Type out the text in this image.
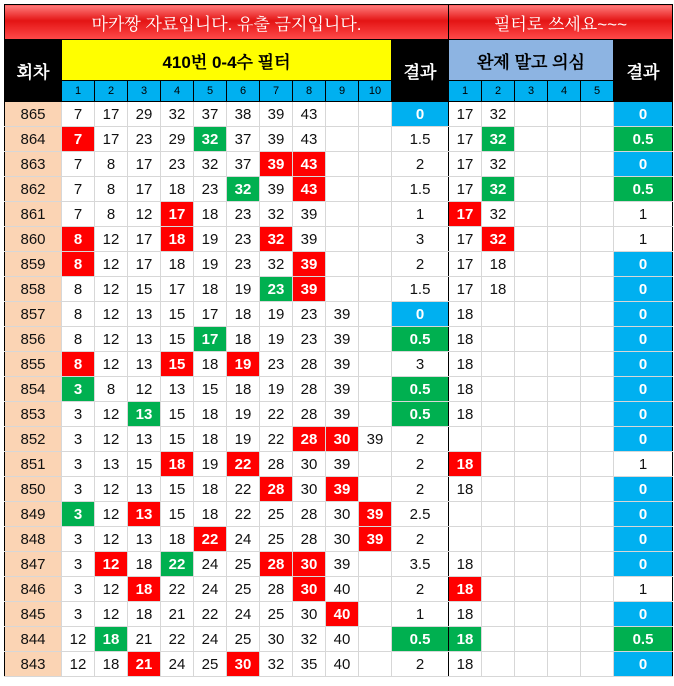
마카짱 자료입니다. 유출 금지입니다.												필터로 쓰세요~~~					
회차	410번 0-4수 필터										결과	완제 말고 의심					결과
	1	2	3	4	5	6	7	8	9	10		1	2	3	4	5	
865	7	17	29	32	37	38	39	43			0	17	32				0
864	7	17	23	29	32	37	39	43			1.5	17	32				0.5
863	7	8	17	23	32	37	39	43			2	17	32				0
862	7	8	17	18	23	32	39	43			1.5	17	32				0.5
861	7	8	12	17	18	23	32	39			1	17	32				1
860	8	12	17	18	19	23	32	39			3	17	32				1
859	8	12	17	18	19	23	32	39			2	17	18				0
858	8	12	15	17	18	19	23	39			1.5	17	18				0
857	8	12	13	15	17	18	19	23	39		0	18					0
856	8	12	13	15	17	18	19	23	39		0.5	18					0
855	8	12	13	15	18	19	23	28	39		3	18					0
854	3	8	12	13	15	18	19	28	39		0.5	18					0
853	3	12	13	15	18	19	22	28	39		0.5	18					0
852	3	12	13	15	18	19	22	28	30	39	2						0
851	3	13	15	18	19	22	28	30	39		2	18					1
850	3	12	13	15	18	22	28	30	39		2	18					0
849	3	12	13	15	18	22	25	28	30	39	2.5						0
848	3	12	13	18	22	24	25	28	30	39	2						0
847	3	12	18	22	24	25	28	30	39		3.5	18					0
846	3	12	18	22	24	25	28	30	40		2	18					1
845	3	12	18	21	22	24	25	30	40		1	18					0
844	12	18	21	22	24	25	30	32	40		0.5	18					0.5
843	12	18	21	24	25	30	32	35	40		2	18					0
